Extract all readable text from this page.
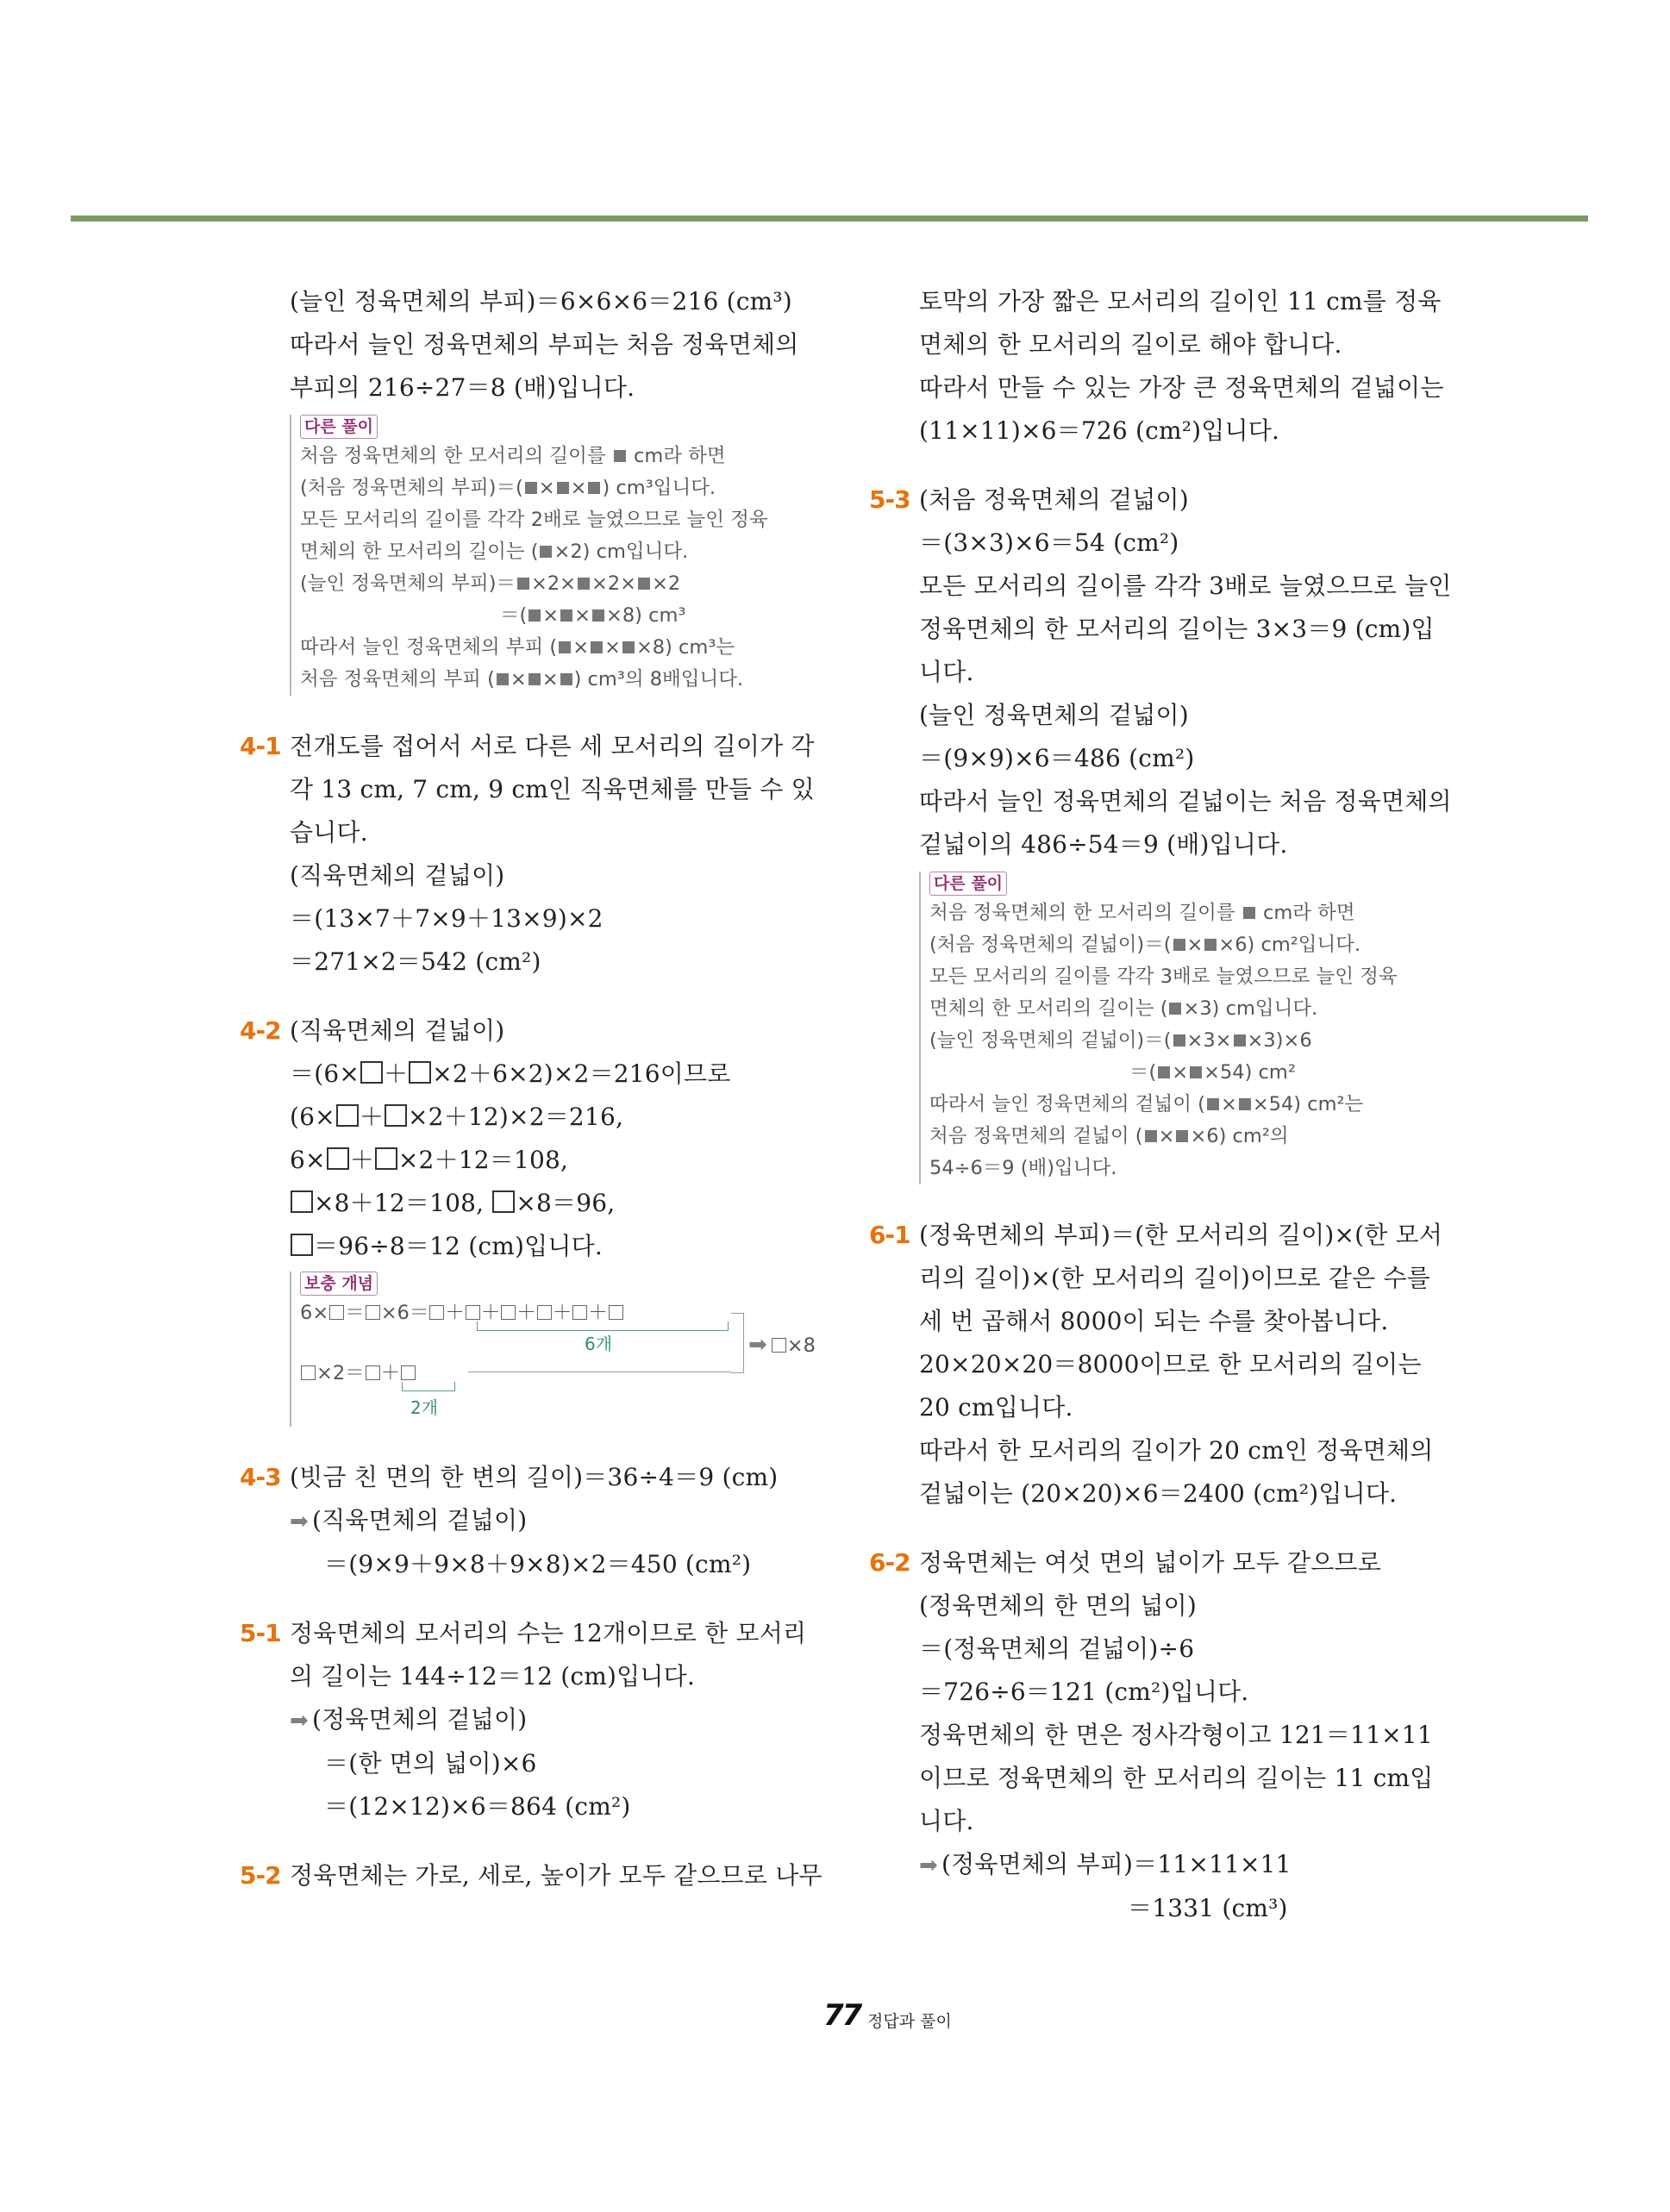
(늘인 정육면체의 부피)＝6×6×6＝216 (cm³)
따라서 늘인 정육면체의 부피는 처음 정육면체의
부피의 216÷27＝8 (배)입니다.
다른 풀이
처음 정육면체의 한 모서리의 길이를 cm라 하면
(처음 정육면체의 부피)＝( × × ) cm³입니다.
모든 모서리의 길이를 각각 2배로 늘였으므로 늘인 정육
면체의 한 모서리의 길이는 ( ×2) cm입니다.
(늘인 정육면체의 부피)＝ ×2× ×2× ×2
＝( × × ×8) cm³
따라서 늘인 정육면체의 부피 ( × × ×8) cm³는
처음 정육면체의 부피 ( × × ) cm³의 8배입니다.
4-1 전개도를 접어서 서로 다른 세 모서리의 길이가 각
각 13 cm, 7 cm, 9 cm인 직육면체를 만들 수 있
습니다.
(직육면체의 겉넓이)
＝(13×7＋7×9＋13×9)×2
＝271×2＝542 (cm²)
4-2 (직육면체의 겉넓이)
＝(6× ＋ ×2＋6×2)×2＝216이므로
(6× ＋ ×2＋12)×2＝216,
6× ＋ ×2＋12＝108,
×8＋12＝108, ×8＝96,
＝96÷8＝12 (cm)입니다.
보충 개념
6× ＝ ×6＝ ＋ ＋ ＋ ＋ ＋
6개
×2＝ ＋
2개
➡ ×8
4-3 (빗금 친 면의 한 변의 길이)＝36÷4＝9 (cm)
➡ (직육면체의 겉넓이)
＝(9×9＋9×8＋9×8)×2＝450 (cm²)
5-1 정육면체의 모서리의 수는 12개이므로 한 모서리
의 길이는 144÷12＝12 (cm)입니다.
➡ (정육면체의 겉넓이)
＝(한 면의 넓이)×6
＝(12×12)×6＝864 (cm²)
5-2 정육면체는 가로, 세로, 높이가 모두 같으므로 나무
토막의 가장 짧은 모서리의 길이인 11 cm를 정육
면체의 한 모서리의 길이로 해야 합니다.
따라서 만들 수 있는 가장 큰 정육면체의 겉넓이는
(11×11)×6＝726 (cm²)입니다.
5-3 (처음 정육면체의 겉넓이)
＝(3×3)×6＝54 (cm²)
모든 모서리의 길이를 각각 3배로 늘였으므로 늘인
정육면체의 한 모서리의 길이는 3×3＝9 (cm)입
니다.
(늘인 정육면체의 겉넓이)
＝(9×9)×6＝486 (cm²)
따라서 늘인 정육면체의 겉넓이는 처음 정육면체의
겉넓이의 486÷54＝9 (배)입니다.
다른 풀이
처음 정육면체의 한 모서리의 길이를 cm라 하면
(처음 정육면체의 겉넓이)＝( × ×6) cm²입니다.
모든 모서리의 길이를 각각 3배로 늘였으므로 늘인 정육
면체의 한 모서리의 길이는 ( ×3) cm입니다.
(늘인 정육면체의 겉넓이)＝( ×3× ×3)×6
＝( × ×54) cm²
따라서 늘인 정육면체의 겉넓이 ( × ×54) cm²는
처음 정육면체의 겉넓이 ( × ×6) cm²의
54÷6＝9 (배)입니다.
6-1 (정육면체의 부피)＝(한 모서리의 길이)×(한 모서
리의 길이)×(한 모서리의 길이)이므로 같은 수를
세 번 곱해서 8000이 되는 수를 찾아봅니다.
20×20×20＝8000이므로 한 모서리의 길이는
20 cm입니다.
따라서 한 모서리의 길이가 20 cm인 정육면체의
겉넓이는 (20×20)×6＝2400 (cm²)입니다.
6-2 정육면체는 여섯 면의 넓이가 모두 같으므로
(정육면체의 한 면의 넓이)
＝(정육면체의 겉넓이)÷6
＝726÷6＝121 (cm²)입니다.
정육면체의 한 면은 정사각형이고 121＝11×11
이므로 정육면체의 한 모서리의 길이는 11 cm입
니다.
➡ (정육면체의 부피)＝11×11×11
＝1331 (cm³)
77 정답과 풀이
